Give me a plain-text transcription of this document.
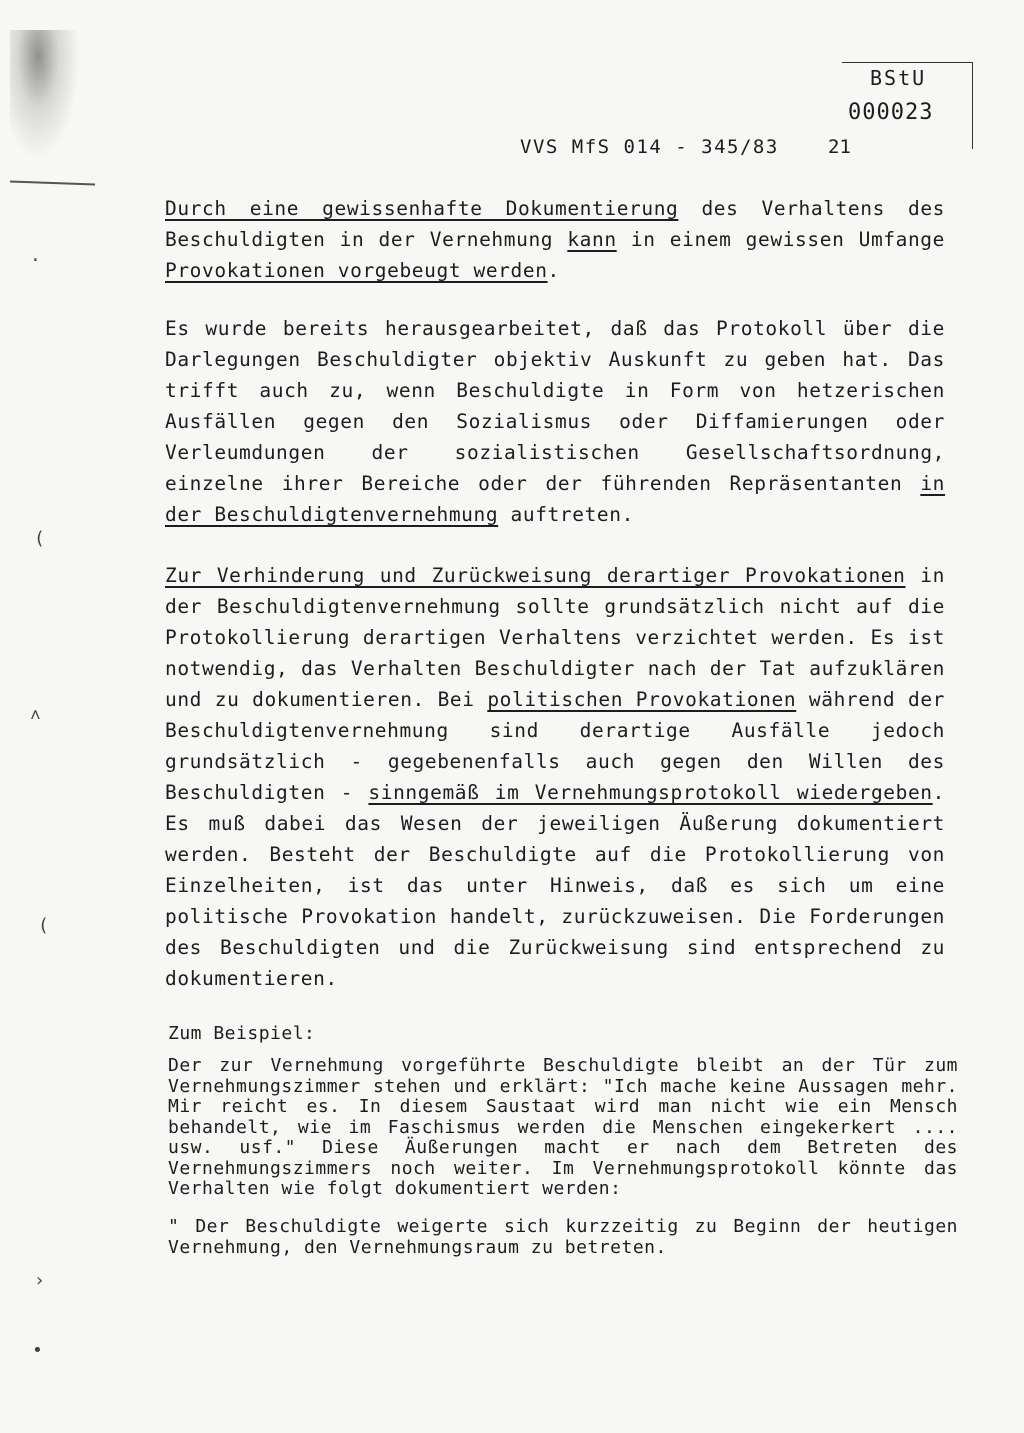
BStU
000023
VVS MfS 014 - 345/83	21

Durch eine gewissenhafte Dokumentierung des Verhaltens des Beschuldigten in der Vernehmung kann in einem gewissen Umfange Provokationen vorgebeugt werden.

Es wurde bereits herausgearbeitet, daß das Protokoll über die Darlegungen Beschuldigter objektiv Auskunft zu geben hat. Das trifft auch zu, wenn Beschuldigte in Form von hetzerischen Ausfällen gegen den Sozialismus oder Diffamierungen oder Verleumdungen der sozialistischen Gesellschaftsordnung, einzelne ihrer Bereiche oder der führenden Repräsentanten in der Beschuldigtenvernehmung auftreten.

Zur Verhinderung und Zurückweisung derartiger Provokationen in der Beschuldigtenvernehmung sollte grundsätzlich nicht auf die Protokollierung derartigen Verhaltens verzichtet werden. Es ist notwendig, das Verhalten Beschuldigter nach der Tat aufzuklären und zu dokumentieren. Bei politischen Provokationen während der Beschuldigtenvernehmung sind derartige Ausfälle jedoch grundsätzlich - gegebenenfalls auch gegen den Willen des Beschuldigten - sinngemäß im Vernehmungsprotokoll wiedergeben. Es muß dabei das Wesen der jeweiligen Äußerung dokumentiert werden. Besteht der Beschuldigte auf die Protokollierung von Einzelheiten, ist das unter Hinweis, daß es sich um eine politische Provokation handelt, zurückzuweisen. Die Forderungen des Beschuldigten und die Zurückweisung sind entsprechend zu dokumentieren.

Zum Beispiel:

Der zur Vernehmung vorgeführte Beschuldigte bleibt an der Tür zum Vernehmungszimmer stehen und erklärt: "Ich mache keine Aussagen mehr. Mir reicht es. In diesem Saustaat wird man nicht wie ein Mensch behandelt, wie im Faschismus werden die Menschen eingekerkert .... usw. usf." Diese Äußerungen macht er nach dem Betreten des Vernehmungszimmers noch weiter. Im Vernehmungsprotokoll könnte das Verhalten wie folgt dokumentiert werden:

" Der Beschuldigte weigerte sich kurzzeitig zu Beginn der heutigen Vernehmung, den Vernehmungsraum zu betreten.

·
(
˄
(
›
•
